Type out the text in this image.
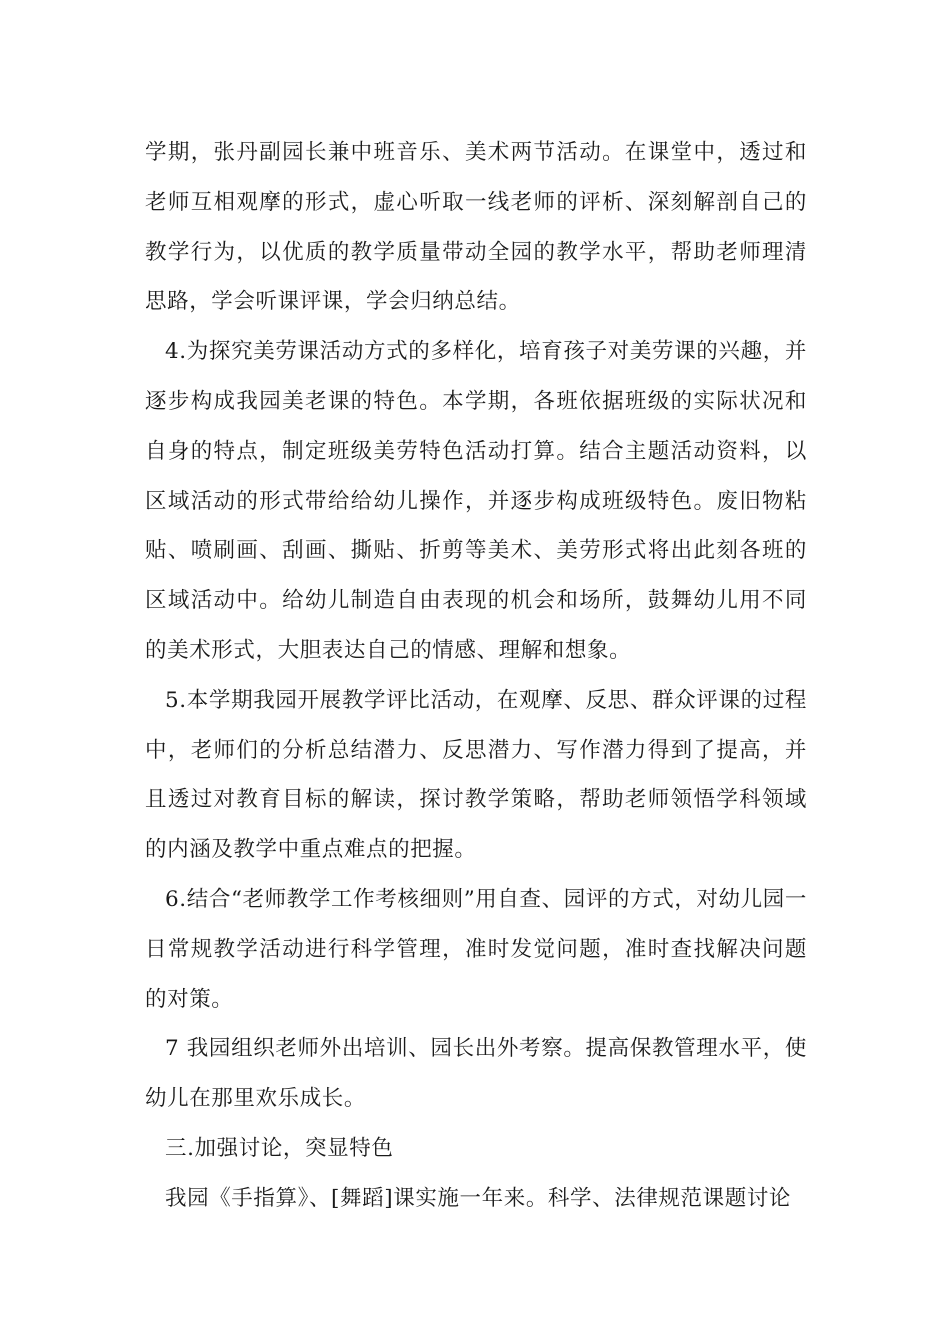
学期，张丹副园长兼中班音乐、美术两节活动。在课堂中，透过和老师互相观摩的形式，虚心听取一线老师的评析、深刻解剖自己的教学行为，以优质的教学质量带动全园的教学水平，帮助老师理清思路，学会听课评课，学会归纳总结。

4.为探究美劳课活动方式的多样化，培育孩子对美劳课的兴趣，并逐步构成我园美老课的特色。本学期，各班依据班级的实际状况和自身的特点，制定班级美劳特色活动打算。结合主题活动资料，以区域活动的形式带给给幼儿操作，并逐步构成班级特色。废旧物粘贴、喷刷画、刮画、撕贴、折剪等美术、美劳形式将出此刻各班的区域活动中。给幼儿制造自由表现的机会和场所，鼓舞幼儿用不同的美术形式，大胆表达自己的情感、理解和想象。

5.本学期我园开展教学评比活动，在观摩、反思、群众评课的过程中，老师们的分析总结潜力、反思潜力、写作潜力得到了提高，并且透过对教育目标的解读，探讨教学策略，帮助老师领悟学科领域的内涵及教学中重点难点的把握。

6.结合“老师教学工作考核细则”用自查、园评的方式，对幼儿园一日常规教学活动进行科学管理，准时发觉问题，准时查找解决问题的对策。

7 我园组织老师外出培训、园长出外考察。提高保教管理水平，使幼儿在那里欢乐成长。

三.加强讨论，突显特色

我园《手指算》、[舞蹈]课实施一年来。科学、法律规范课题讨论
